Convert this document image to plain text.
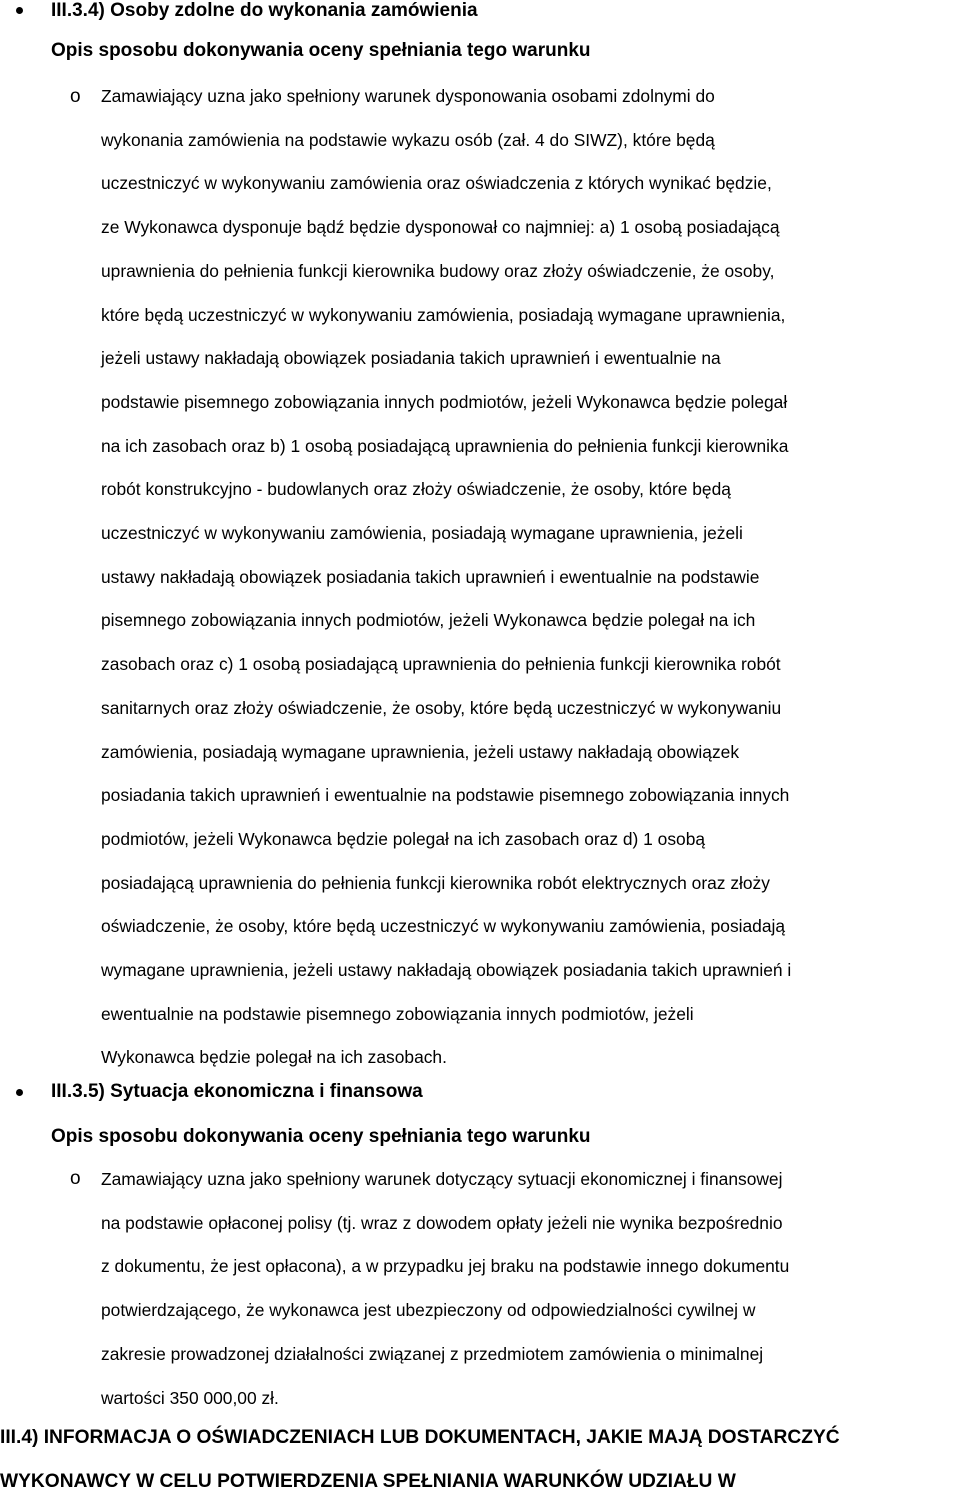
III.3.4) Osoby zdolne do wykonania zamówienia
Opis sposobu dokonywania oceny spełniania tego warunku
o Zamawiający uzna jako spełniony warunek dysponowania osobami zdolnymi do
wykonania zamówienia na podstawie wykazu osób (zał. 4 do SIWZ), które będą
uczestniczyć w wykonywaniu zamówienia oraz oświadczenia z których wynikać będzie,
ze Wykonawca dysponuje bądź będzie dysponował co najmniej: a) 1 osobą posiadającą
uprawnienia do pełnienia funkcji kierownika budowy oraz złoży oświadczenie, że osoby,
które będą uczestniczyć w wykonywaniu zamówienia, posiadają wymagane uprawnienia,
jeżeli ustawy nakładają obowiązek posiadania takich uprawnień i ewentualnie na
podstawie pisemnego zobowiązania innych podmiotów, jeżeli Wykonawca będzie polegał
na ich zasobach oraz b) 1 osobą posiadającą uprawnienia do pełnienia funkcji kierownika
robót konstrukcyjno - budowlanych oraz złoży oświadczenie, że osoby, które będą
uczestniczyć w wykonywaniu zamówienia, posiadają wymagane uprawnienia, jeżeli
ustawy nakładają obowiązek posiadania takich uprawnień i ewentualnie na podstawie
pisemnego zobowiązania innych podmiotów, jeżeli Wykonawca będzie polegał na ich
zasobach oraz c) 1 osobą posiadającą uprawnienia do pełnienia funkcji kierownika robót
sanitarnych oraz złoży oświadczenie, że osoby, które będą uczestniczyć w wykonywaniu
zamówienia, posiadają wymagane uprawnienia, jeżeli ustawy nakładają obowiązek
posiadania takich uprawnień i ewentualnie na podstawie pisemnego zobowiązania innych
podmiotów, jeżeli Wykonawca będzie polegał na ich zasobach oraz d) 1 osobą
posiadającą uprawnienia do pełnienia funkcji kierownika robót elektrycznych oraz złoży
oświadczenie, że osoby, które będą uczestniczyć w wykonywaniu zamówienia, posiadają
wymagane uprawnienia, jeżeli ustawy nakładają obowiązek posiadania takich uprawnień i
ewentualnie na podstawie pisemnego zobowiązania innych podmiotów, jeżeli
Wykonawca będzie polegał na ich zasobach.
III.3.5) Sytuacja ekonomiczna i finansowa
Opis sposobu dokonywania oceny spełniania tego warunku
o Zamawiający uzna jako spełniony warunek dotyczący sytuacji ekonomicznej i finansowej
na podstawie opłaconej polisy (tj. wraz z dowodem opłaty jeżeli nie wynika bezpośrednio
z dokumentu, że jest opłacona), a w przypadku jej braku na podstawie innego dokumentu
potwierdzającego, że wykonawca jest ubezpieczony od odpowiedzialności cywilnej w
zakresie prowadzonej działalności związanej z przedmiotem zamówienia o minimalnej
wartości 350 000,00 zł.
III.4) INFORMACJA O OŚWIADCZENIACH LUB DOKUMENTACH, JAKIE MAJĄ DOSTARCZYĆ
WYKONAWCY W CELU POTWIERDZENIA SPEŁNIANIA WARUNKÓW UDZIAŁU W
